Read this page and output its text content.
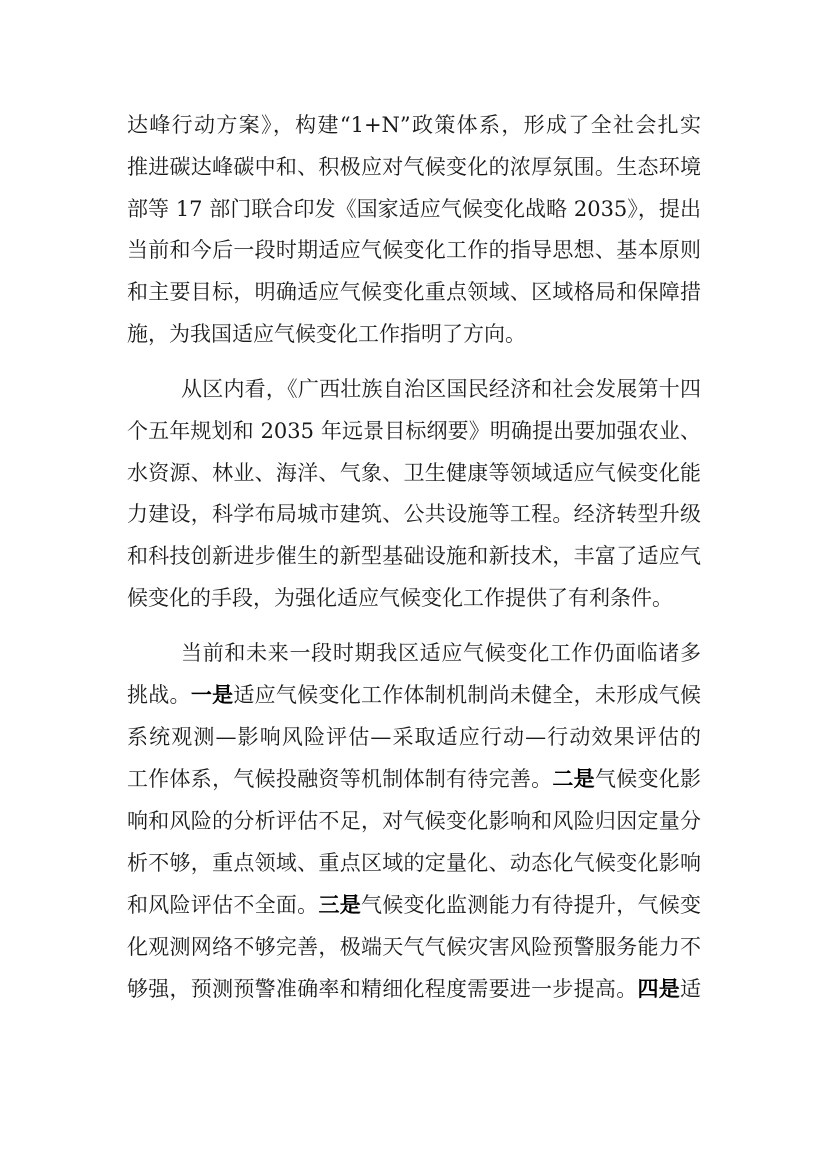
达峰行动方案》，构建“1+N”政策体系，形成了全社会扎实
推进碳达峰碳中和、积极应对气候变化的浓厚氛围。生态环境
部等 17 部门联合印发《国家适应气候变化战略 2035》，提出
当前和今后一段时期适应气候变化工作的指导思想、基本原则
和主要目标，明确适应气候变化重点领域、区域格局和保障措
施，为我国适应气候变化工作指明了方向。
从区内看，《广西壮族自治区国民经济和社会发展第十四
个五年规划和 2035 年远景目标纲要》明确提出要加强农业、
水资源、林业、海洋、气象、卫生健康等领域适应气候变化能
力建设，科学布局城市建筑、公共设施等工程。经济转型升级
和科技创新进步催生的新型基础设施和新技术，丰富了适应气
候变化的手段，为强化适应气候变化工作提供了有利条件。
当前和未来一段时期我区适应气候变化工作仍面临诸多
挑战。一是适应气候变化工作体制机制尚未健全，未形成气候
系统观测—影响风险评估—采取适应行动—行动效果评估的
工作体系，气候投融资等机制体制有待完善。二是气候变化影
响和风险的分析评估不足，对气候变化影响和风险归因定量分
析不够，重点领域、重点区域的定量化、动态化气候变化影响
和风险评估不全面。三是气候变化监测能力有待提升，气候变
化观测网络不够完善，极端天气气候灾害风险预警服务能力不
够强，预测预警准确率和精细化程度需要进一步提高。四是适
